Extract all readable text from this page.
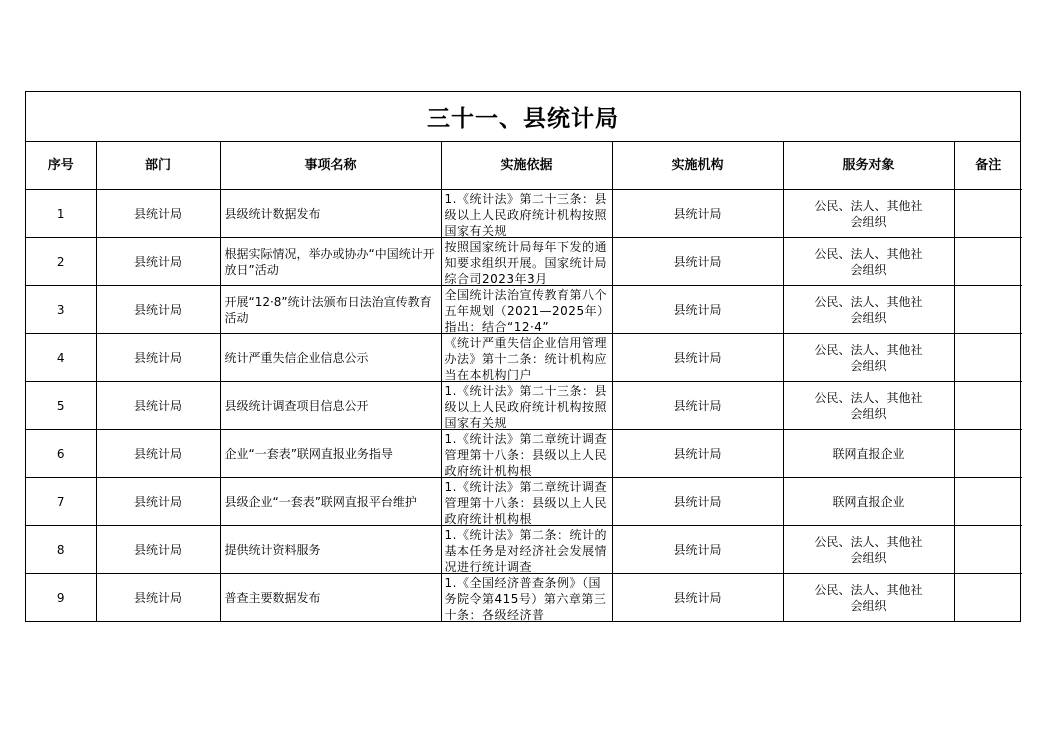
三十一、县统计局
序号	部门	事项名称	实施依据	实施机构	服务对象	备注
1	县统计局	县级统计数据发布	1.《统计法》第二十三条：县级以上人民政府统计机构按照国家有关规	县统计局	公民、法人、其他社会组织	
2	县统计局	根据实际情况，举办或协办“中国统计开放日”活动	按照国家统计局每年下发的通知要求组织开展。国家统计局综合司2023年3月	县统计局	公民、法人、其他社会组织	
3	县统计局	开展“12·8”统计法颁布日法治宣传教育活动	全国统计法治宣传教育第八个五年规划（2021—2025年）指出：结合“12·4”	县统计局	公民、法人、其他社会组织	
4	县统计局	统计严重失信企业信息公示	《统计严重失信企业信用管理办法》第十二条：统计机构应当在本机构门户	县统计局	公民、法人、其他社会组织	
5	县统计局	县级统计调查项目信息公开	1.《统计法》第二十三条：县级以上人民政府统计机构按照国家有关规	县统计局	公民、法人、其他社会组织	
6	县统计局	企业“一套表”联网直报业务指导	1.《统计法》第二章统计调查管理第十八条：县级以上人民政府统计机构根	县统计局	联网直报企业	
7	县统计局	县级企业“一套表”联网直报平台维护	1.《统计法》第二章统计调查管理第十八条：县级以上人民政府统计机构根	县统计局	联网直报企业	
8	县统计局	提供统计资料服务	1.《统计法》第二条：统计的基本任务是对经济社会发展情况进行统计调查	县统计局	公民、法人、其他社会组织	
9	县统计局	普查主要数据发布	1.《全国经济普查条例》（国务院令第415号）第六章第三十条：各级经济普	县统计局	公民、法人、其他社会组织	
